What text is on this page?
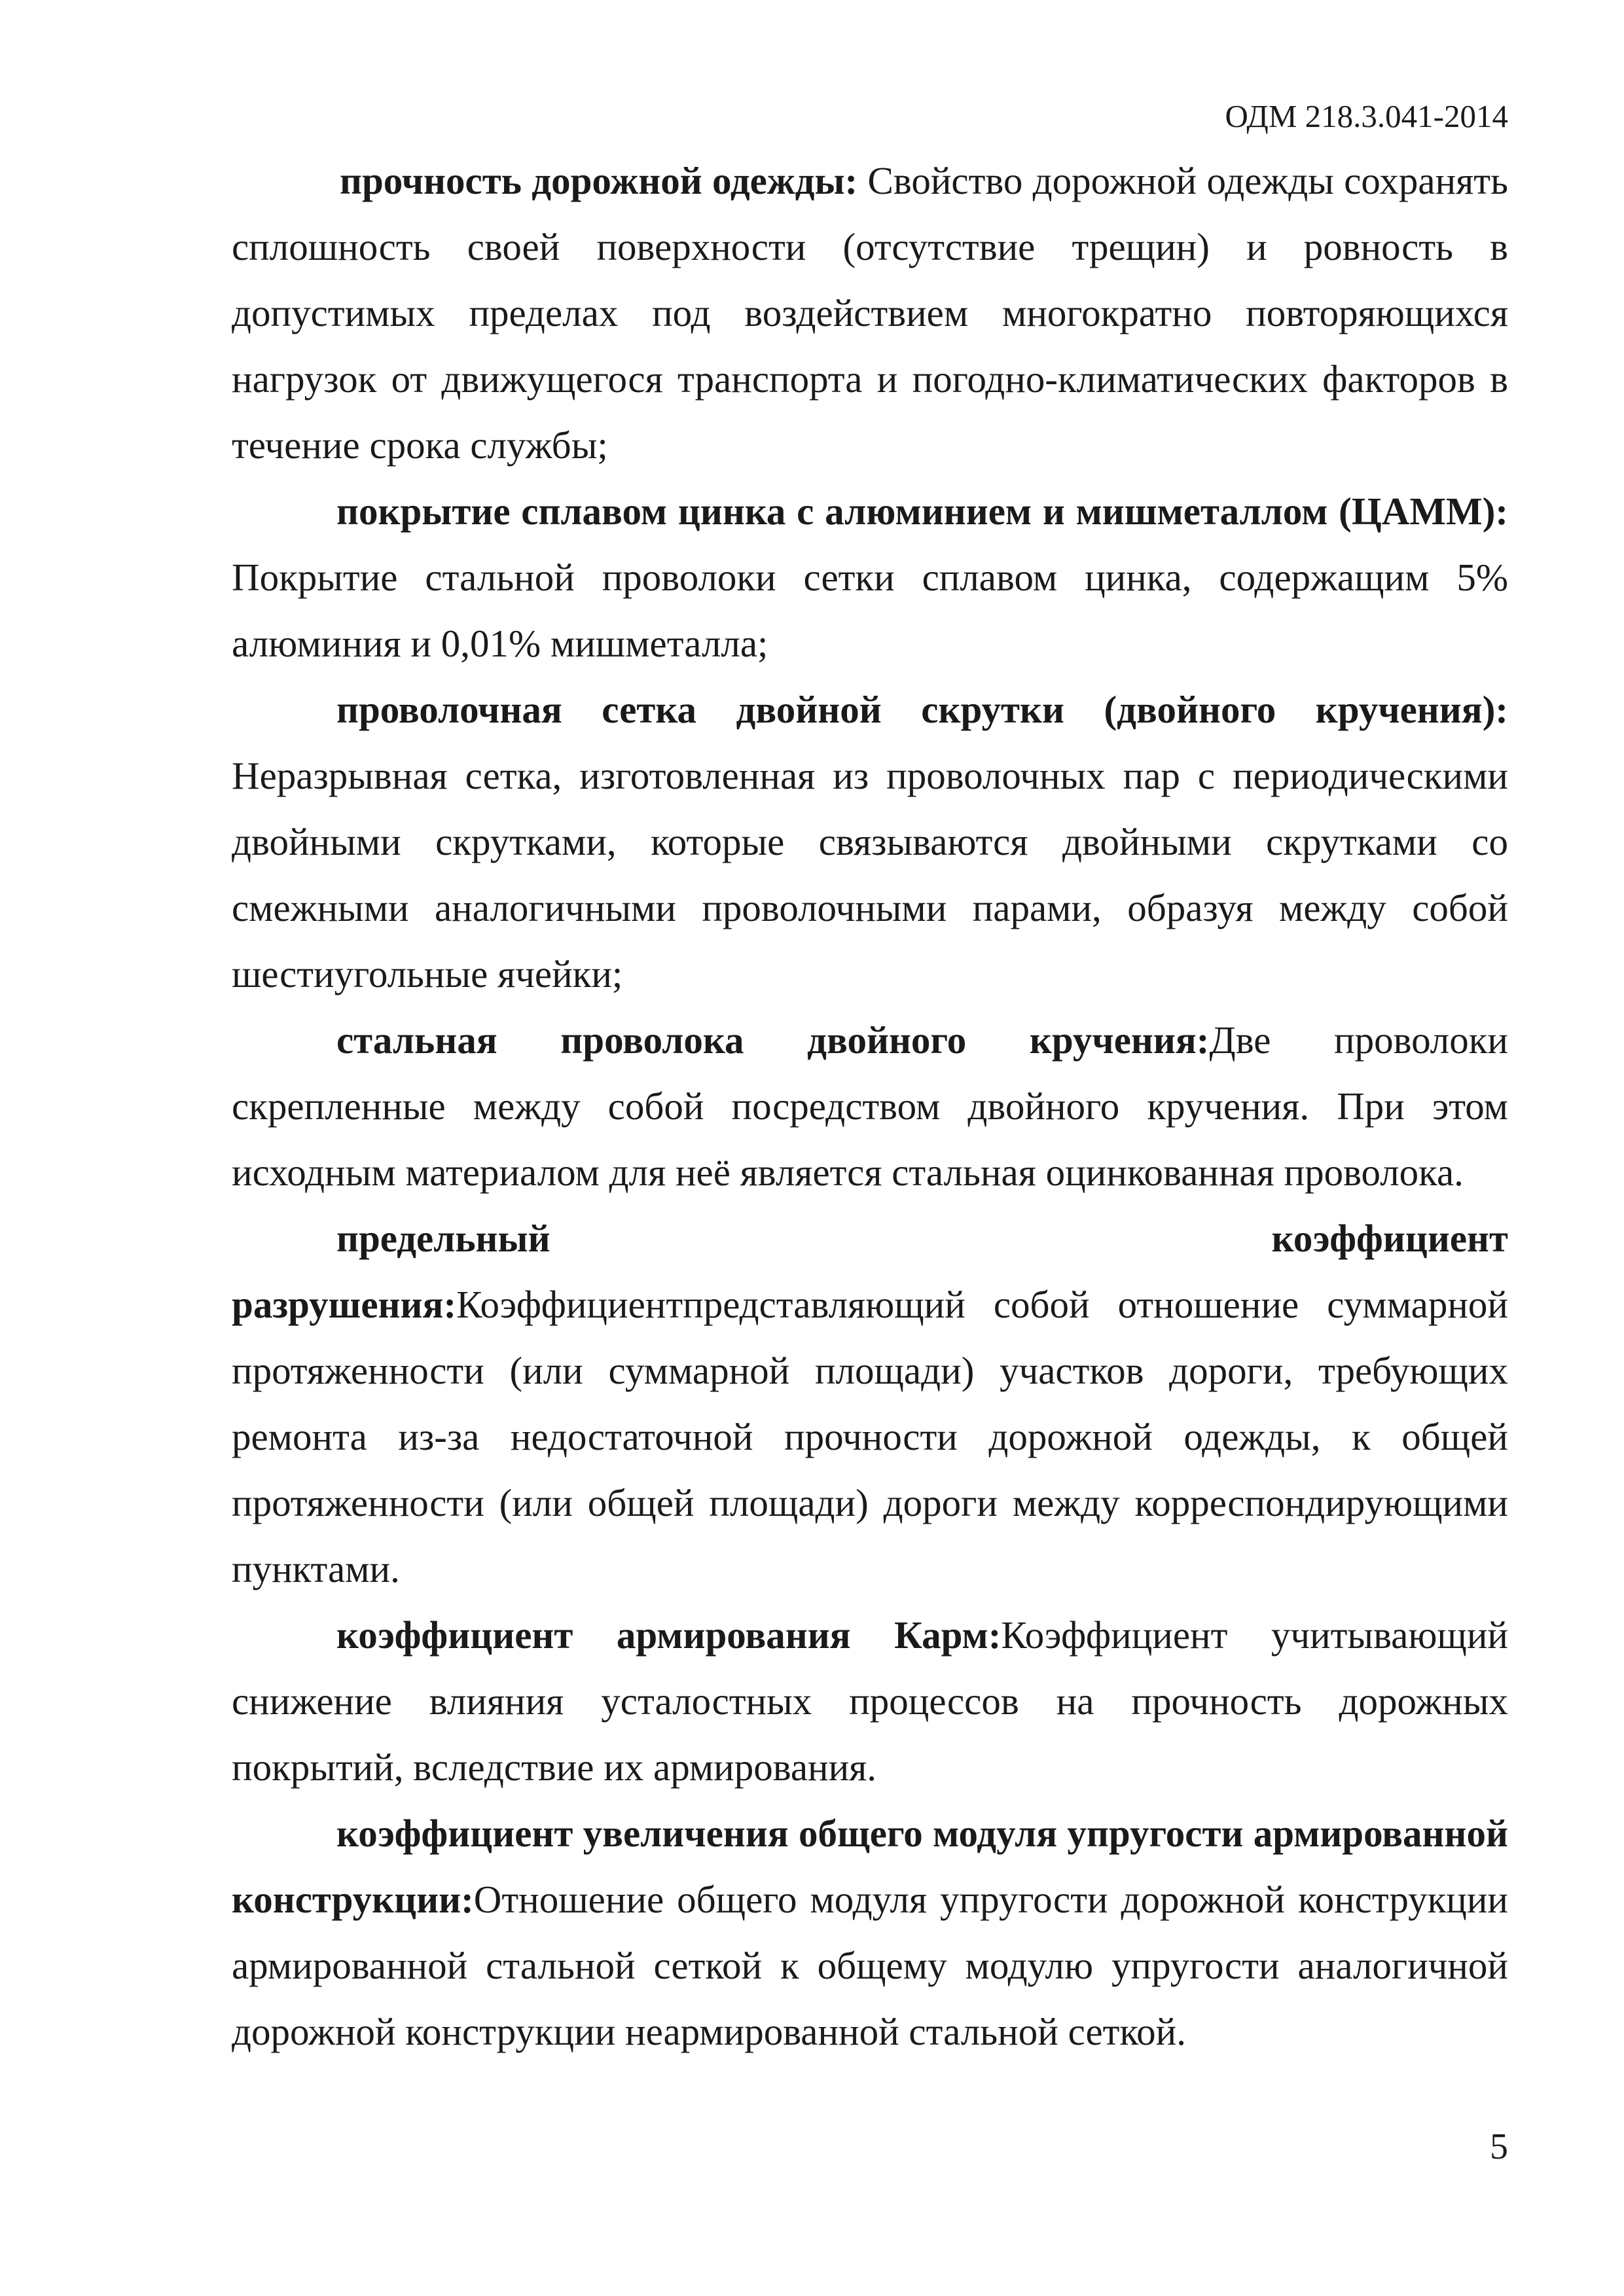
ОДМ 218.3.041-2014

прочность дорожной одежды: Свойство дорожной одежды сохранять сплошность своей поверхности (отсутствие трещин) и ровность в допустимых пределах под воздействием многократно повторяющихся нагрузок от движущегося транспорта и погодно-климатических факторов в течение срока службы;

покрытие сплавом цинка с алюминием и мишметаллом (ЦАММ): Покрытие стальной проволоки сетки сплавом цинка, содержащим 5% алюминия и 0,01% мишметалла;

проволочная сетка двойной скрутки (двойного кручения): Неразрывная сетка, изготовленная из проволочных пар с периодическими двойными скрутками, которые связываются двойными скрутками со смежными аналогичными проволочными парами, образуя между собой шестиугольные ячейки;

стальная проволока двойного кручения:Две проволоки скрепленные между собой посредством двойного кручения. При этом исходным материалом для неё является стальная оцинкованная проволока.

предельный коэффициент разрушения:Коэффициентпредставляющий собой отношение суммарной протяженности (или суммарной площади) участков дороги, требующих ремонта из-за недостаточной прочности дорожной одежды, к общей протяженности (или общей площади) дороги между корреспондирующими пунктами.

коэффициент армирования Карм:Коэффициент учитывающий снижение влияния усталостных процессов на прочность дорожных покрытий, вследствие их армирования.

коэффициент увеличения общего модуля упругости армированной конструкции:Отношение общего модуля упругости дорожной конструкции армированной стальной сеткой к общему модулю упругости аналогичной дорожной конструкции неармированной стальной сеткой.

5
